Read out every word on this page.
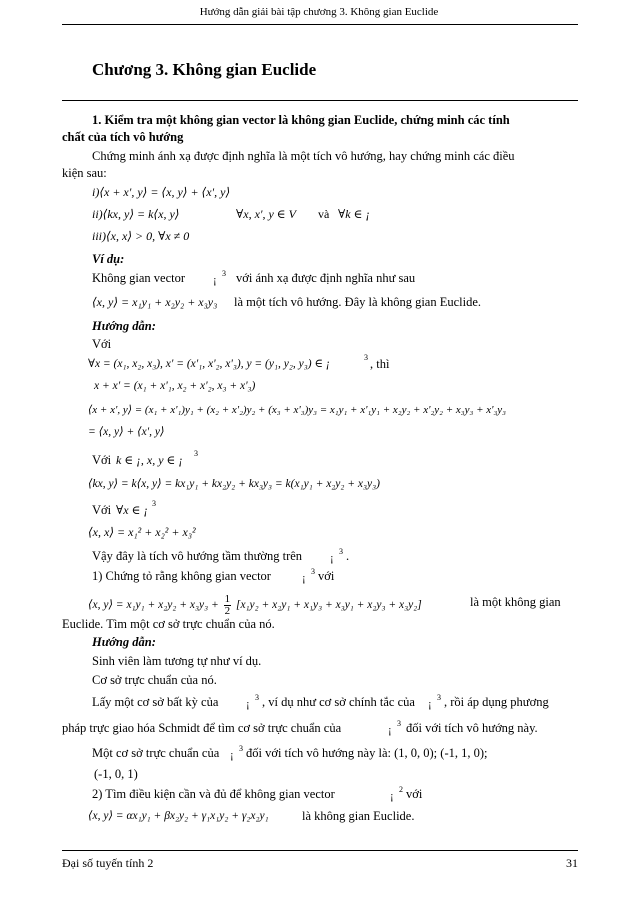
Hướng dẫn giải bài tập chương 3. Không gian Euclide
Chương 3. Không gian Euclide
1. Kiểm tra một không gian vector là không gian Euclide, chứng minh các tính
chất của tích vô hướng
Chứng minh ánh xạ được định nghĩa là một tích vô hướng, hay chứng minh các điều
kiện sau:
i)⟨x + x', y⟩ = ⟨x, y⟩ + ⟨x', y⟩
ii)⟨kx, y⟩ = k⟨x, y⟩	∀x, x', y ∈ V và ∀k ∈ ¡
iii)⟨x, x⟩ > 0, ∀x ≠ 0
Ví dụ:
Không gian vector	¡
3 với ánh xạ được định nghĩa như sau
⟨x, y⟩ = x₁y₁ + x₂y₂ + x₃y₃ là một tích vô hướng. Đây là không gian Euclide.
Hướng dẫn:
Với
∀x = (x₁, x₂, x₃), x' = (x'₁, x'₂, x'₃), y = (y₁, y₂, y₃) ∈ ¡
3 , thì
x + x' = (x₁ + x'₁, x₂ + x'₂, x₃ + x'₃)
⟨x + x', y⟩ = (x₁ + x'₁)y₁ + (x₂ + x'₂)y₂ + (x₃ + x'₃)y₃ = x₁y₁ + x'₁y₁ + x₂y₂ + x'₂y₂ + x₃y₃ + x'₃y₃
= ⟨x, y⟩ + ⟨x', y⟩
Với k ∈ ¡, x, y ∈ ¡ 3
⟨kx, y⟩ = k⟨x, y⟩ = kx₁y₁ + kx₂y₂ + kx₃y₃ = k(x₁y₁ + x₂y₂ + x₃y₃)
Với ∀x ∈ ¡ 3
⟨x, x⟩ = x₁² + x₂² + x₃²
Vậy đây là tích vô hướng tầm thường trên	¡
3 .
1) Chứng tỏ rằng không gian vector	¡
3 với
⟨x, y⟩ = $x_1y_1 + x_2y_2 + x_3y_3 + \frac{1}{2} [x_1y_2 + x_2y_1 + x_1y_3 + x_3y_1 + x_2y_3 + x_3y_2]$	là một không gian
Euclide. Tìm một cơ sở trực chuẩn của nó.
Hướng dẫn:
Sinh viên làm tương tự như ví dụ.
Cơ sở trực chuẩn của nó.
Lấy một cơ sở bất kỳ của	¡
3 , ví dụ như cơ sở chính tắc của ¡
3 , rồi áp dụng phương
pháp trực giao hóa Schmidt để tìm cơ sở trực chuẩn của	¡
3 đối với tích vô hướng này.
Một cơ sở trực chuẩn của ¡
3 đối với tích vô hướng này là: (1, 0, 0); (-1, 1, 0);
(-1, 0, 1)
2) Tìm điều kiện cần và đủ để không gian vector	¡
2 với
⟨x, y⟩ = αx₁y₁ + βx₂y₂ + γ₁x₁y₂ + γ₂x₂y₁	là không gian Euclide.
Đại số tuyến tính 2	31
